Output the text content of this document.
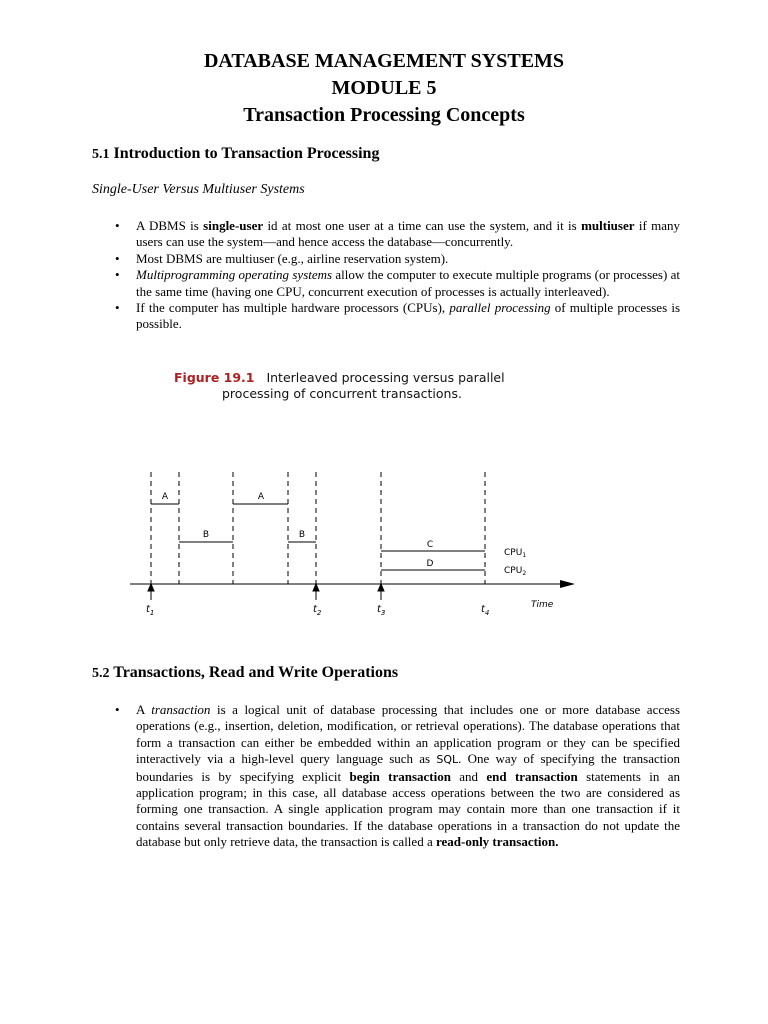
DATABASE MANAGEMENT SYSTEMS
MODULE 5
Transaction Processing Concepts
5.1 Introduction to Transaction Processing
Single-User Versus Multiuser Systems
• A DBMS is single-user id at most one user at a time can use the system, and it is multiuser if many users can use the system—and hence access the database—concurrently.
• Most DBMS are multiuser (e.g., airline reservation system).
• Multiprogramming operating systems allow the computer to execute multiple programs (or processes) at the same time (having one CPU, concurrent execution of processes is actually interleaved).
• If the computer has multiple hardware processors (CPUs), parallel processing of multiple processes is possible.
Figure 19.1 Interleaved processing versus parallel
processing of concurrent transactions.
A
B
A
B
C
D
$CPU_1$
$CPU_2$
$t_1$	$t_2$	$t_3$	$t_4$
Time
5.2 Transactions, Read and Write Operations
• A transaction is a logical unit of database processing that includes one or more database access operations (e.g., insertion, deletion, modification, or retrieval operations). The database operations that form a transaction can either be embedded within an application program or they can be specified interactively via a high-level query language such as SQL. One way of specifying the transaction boundaries is by specifying explicit begin transaction and end transaction statements in an application program; in this case, all database access operations between the two are considered as forming one transaction. A single application program may contain more than one transaction if it contains several transaction boundaries. If the database operations in a transaction do not update the database but only retrieve data, the transaction is called a read-only transaction.
